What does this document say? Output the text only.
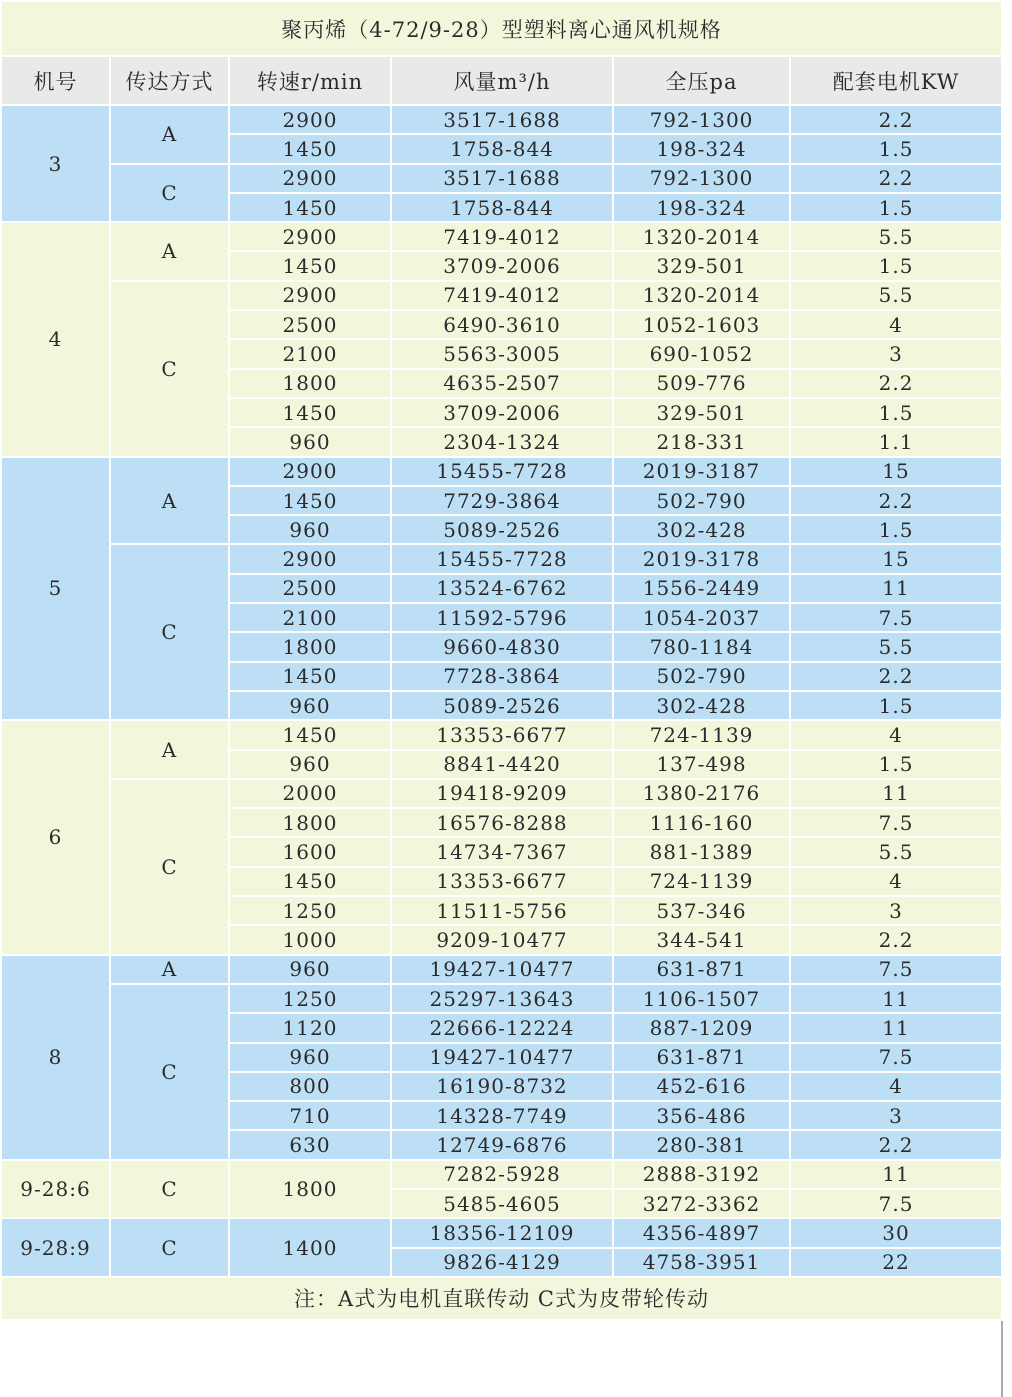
聚丙烯（4-72/9-28）型塑料离心通风机规格					
机号	传达方式	转速r/min	风量m³/h	全压pa	配套电机KW
3	A	2900	3517-1688	792-1300	2.2
		1450	1758-844	198-324	1.5
	C	2900	3517-1688	792-1300	2.2
		1450	1758-844	198-324	1.5
4	A	2900	7419-4012	1320-2014	5.5
		1450	3709-2006	329-501	1.5
	C	2900	7419-4012	1320-2014	5.5
		2500	6490-3610	1052-1603	4
		2100	5563-3005	690-1052	3
		1800	4635-2507	509-776	2.2
		1450	3709-2006	329-501	1.5
		960	2304-1324	218-331	1.1
5	A	2900	15455-7728	2019-3187	15
		1450	7729-3864	502-790	2.2
		960	5089-2526	302-428	1.5
	C	2900	15455-7728	2019-3178	15
		2500	13524-6762	1556-2449	11
		2100	11592-5796	1054-2037	7.5
		1800	9660-4830	780-1184	5.5
		1450	7728-3864	502-790	2.2
		960	5089-2526	302-428	1.5
6	A	1450	13353-6677	724-1139	4
		960	8841-4420	137-498	1.5
	C	2000	19418-9209	1380-2176	11
		1800	16576-8288	1116-160	7.5
		1600	14734-7367	881-1389	5.5
		1450	13353-6677	724-1139	4
		1250	11511-5756	537-346	3
		1000	9209-10477	344-541	2.2
8	A	960	19427-10477	631-871	7.5
	C	1250	25297-13643	1106-1507	11
		1120	22666-12224	887-1209	11
		960	19427-10477	631-871	7.5
		800	16190-8732	452-616	4
		710	14328-7749	356-486	3
		630	12749-6876	280-381	2.2
9-28:6	C	1800	7282-5928	2888-3192	11
			5485-4605	3272-3362	7.5
9-28:9	C	1400	18356-12109	4356-4897	30
			9826-4129	4758-3951	22
注：A式为电机直联传动 C式为皮带轮传动					
